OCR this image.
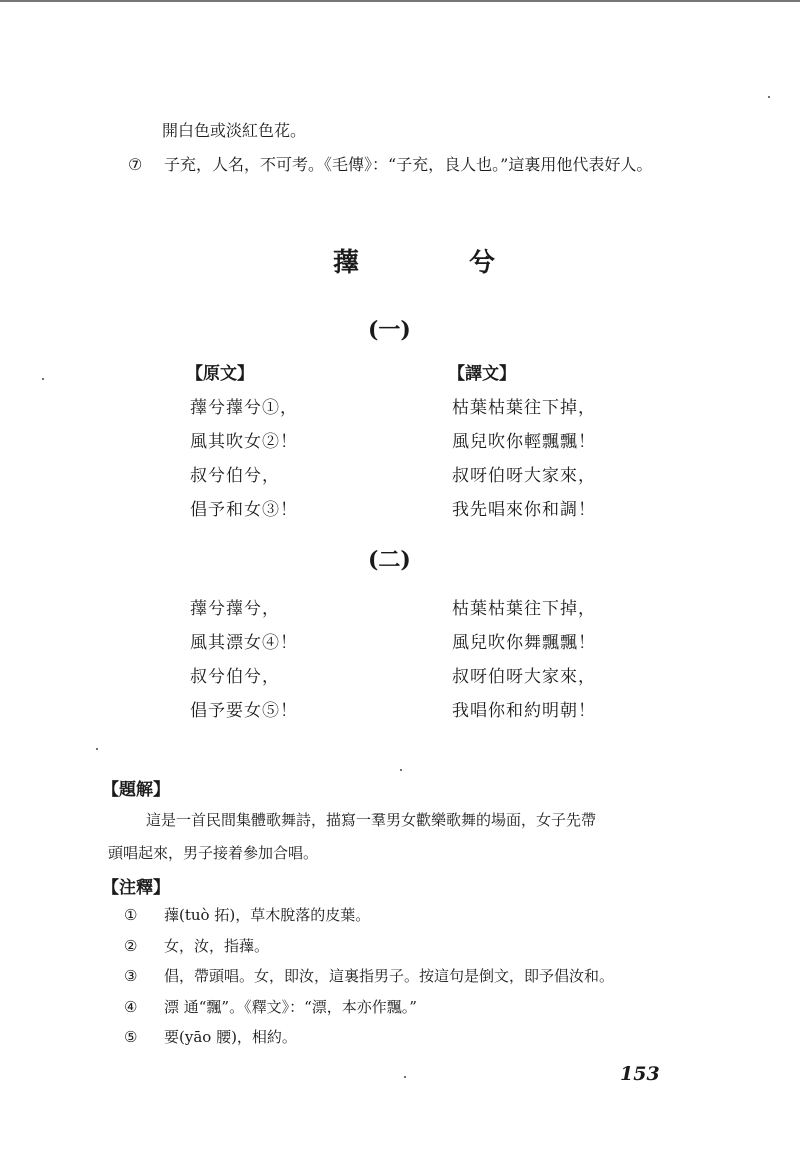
開白色或淡紅色花。
⑦ 子充，人名，不可考。《毛傳》：“子充，良人也。”這裏用他代表好人。
蘀　兮
(一)
【原文】	【譯文】
蘀兮蘀兮①，
風其吹女②！
叔兮伯兮，
倡予和女③！
枯葉枯葉往下掉，
風兒吹你輕飄飄！
叔呀伯呀大家來，
我先唱來你和調！
(二)
蘀兮蘀兮，
風其漂女④！
叔兮伯兮，
倡予要女⑤！
枯葉枯葉往下掉，
風兒吹你舞飄飄！
叔呀伯呀大家來，
我唱你和約明朝！
【題解】
這是一首民間集體歌舞詩，描寫一羣男女歡樂歌舞的場面，女子先帶
頭唱起來，男子接着參加合唱。
【注釋】
① 蘀(tuò 拓)，草木脫落的皮葉。
② 女，汝，指蘀。
③ 倡，帶頭唱。女，即汝，這裏指男子。按這句是倒文，即予倡汝和。
④ 漂 通“飄”。《釋文》：“漂，本亦作飄。”
⑤ 要(yāo 腰)，相約。
153
